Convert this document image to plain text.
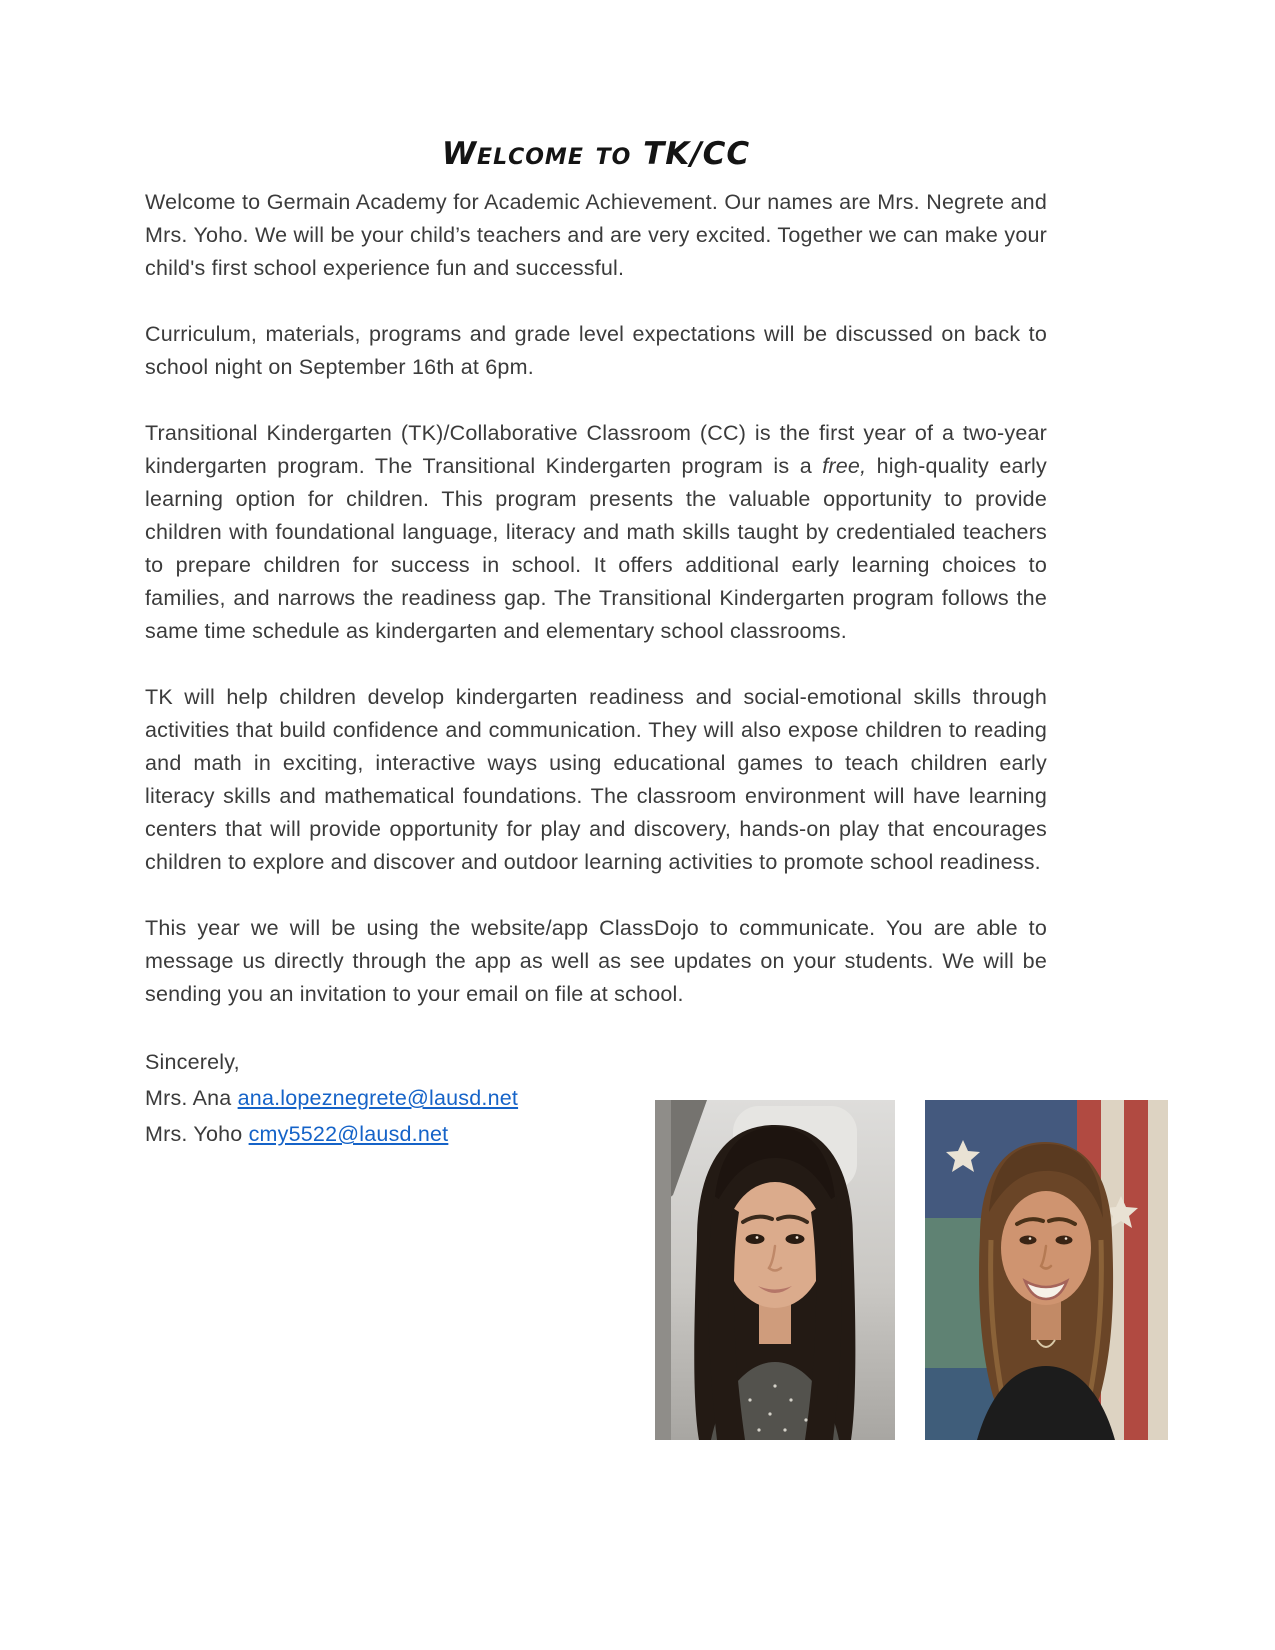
Welcome to TK/CC

Welcome to Germain Academy for Academic Achievement. Our names are Mrs. Negrete and Mrs. Yoho. We will be your child’s teachers and are very excited. Together we can make your child's first school experience fun and successful.

Curriculum, materials, programs and grade level expectations will be discussed on back to school night on September 16th at 6pm.

Transitional Kindergarten (TK)/Collaborative Classroom (CC) is the first year of a two-year kindergarten program. The Transitional Kindergarten program is a free, high-quality early learning option for children. This program presents the valuable opportunity to provide children with foundational language, literacy and math skills taught by credentialed teachers to prepare children for success in school. It offers additional early learning choices to families, and narrows the readiness gap. The Transitional Kindergarten program follows the same time schedule as kindergarten and elementary school classrooms.

TK will help children develop kindergarten readiness and social-emotional skills through activities that build confidence and communication. They will also expose children to reading and math in exciting, interactive ways using educational games to teach children early literacy skills and mathematical foundations. The classroom environment will have learning centers that will provide opportunity for play and discovery, hands-on play that encourages children to explore and discover and outdoor learning activities to promote school readiness.

This year we will be using the website/app ClassDojo to communicate. You are able to message us directly through the app as well as see updates on your students. We will be sending you an invitation to your email on file at school.

Sincerely,
Mrs. Ana ana.lopeznegrete@lausd.net
Mrs. Yoho cmy5522@lausd.net
